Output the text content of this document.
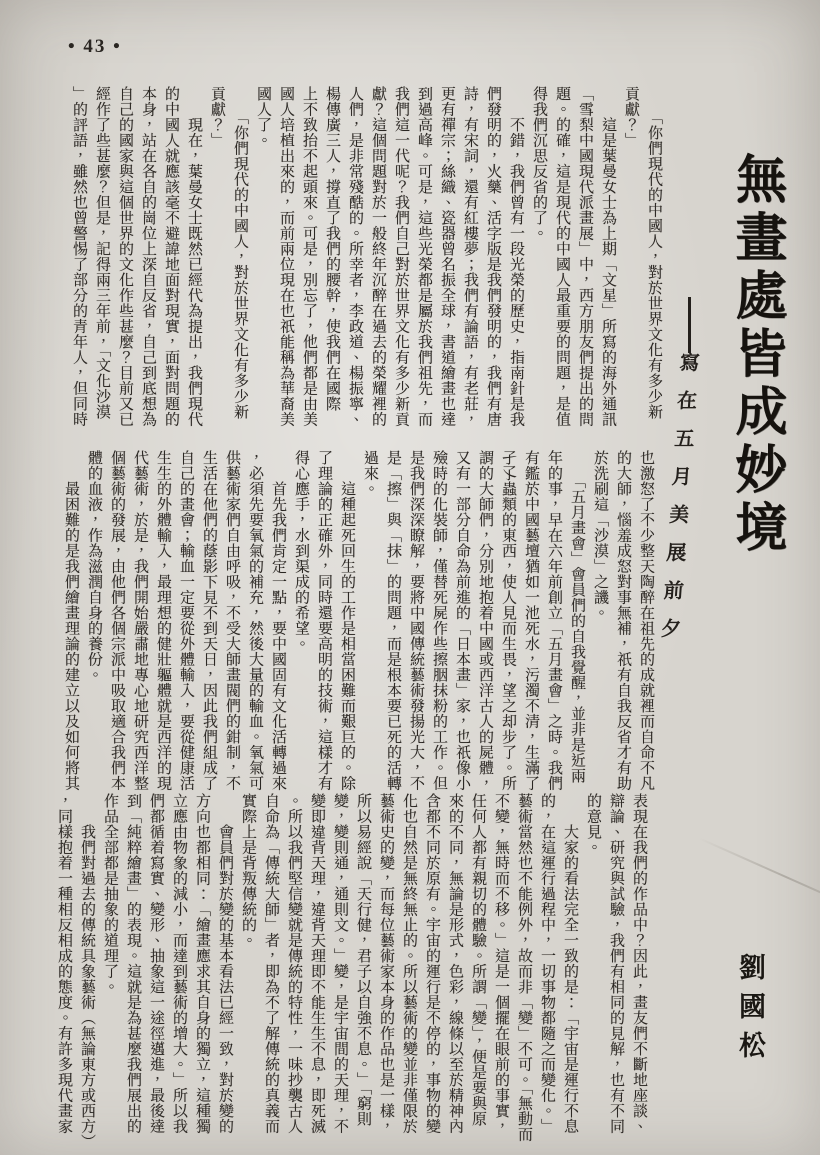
• 43 •
無畫處皆成妙境
寫在五月美展前夕
劉國松
　　「你們現代的中國人，對於世界文化有多少新
貢獻？」
　　這是葉曼女士為上期「文星」所寫的海外通訊
「雪梨中國現代派畫展」中，西方朋友們提出的問
題。的確，這是現代的中國人最重要的問題，是值
得我們沉思反省的了。
　　不錯，我們曾有一段光榮的歷史，指南針是我
們發明的，火藥、活字版是我們發明的，我們有唐
詩，有宋詞，還有紅樓夢；我們有論語，有老莊，
更有禪宗；絲織、瓷器曾名振全球，書道繪畫也達
到過高峰。可是，這些光榮都是屬於我們祖先，而
我們這一代呢？我們自己對於世界文化有多少新貢
獻？這個問題對於一般終年沉醉在過去的榮耀裡的
人們，是非常殘酷的。所幸者，李政道、楊振寧、
楊傳廣三人，撐直了我們的腰幹，使我們在國際
上不致抬不起頭來。可是，別忘了，他們都是由美
國人培植出來的，而前兩位現在也祇能稱為華裔美
國人了。
　　「你們現代的中國人，對於世界文化有多少新
貢獻？」
　　現在，葉曼女士既然已經代為提出，我們現代
的中國人就應該毫不避諱地面對現實，面對問題的
本身，站在各自的崗位上深自反省，自己到底想為
自己的國家與這個世界的文化作些甚麼？目前又已
經作了些甚麼？但是，記得兩三年前，「文化沙漠
」的評語，雖然也曾警惕了部分的青年人，但同時
也激怒了不少整天陶醉在祖先的成就裡而自命不凡
的大師，惱羞成怒對事無補，祇有自我反省才有助
於洗刷這「沙漠」之譏。
　　「五月畫會」會員們的自我覺醒，並非是近兩
年的事，早在六年前創立「五月畫會」之時。我們
有鑑於中國藝壇猶如一池死水，污濁不清，生滿了
孑孓蟲類的東西，使人見而生畏，望之却步了。所
謂的大師們，分別地抱着中國或西洋古人的屍體，
又有一部分自命為前進的「日本畫」家，也祇像小
殮時的化裝師，僅替死屍作些擦胭抹粉的工作。但
是我們深深瞭解，要將中國傳統藝術發揚光大，不
是「擦」與「抹」的問題，而是根本要已死的活轉
過來。
　　這種起死回生的工作是相當困難而艱巨的。除
了理論的正確外，同時還要高明的技術，這樣才有
得心應手，水到渠成的希望。
　　首先我們肯定一點，要中國固有文化活轉過來
，必須先要氧氣的補充，然後大量的輸血。氧氣可
供藝術家們自由呼吸，不受大師畫閥們的鉗制，不
生活在他們的蔭影下見不到天日，因此我們組成了
自己的畫會；輸血一定要從外體輸入，要從健康活
生生的外體輸入，最理想的健壯軀體就是西洋的現
代藝術，於是，我們開始嚴肅地專心地研究西洋整
個藝術的發展，由他們各個宗派中吸取適合我們本
體的血液，作為滋潤自身的養份。
　　最困難的是我們繪畫理論的建立以及如何將其
表現在我們的作品中？因此，畫友們不斷地座談、
辯論、研究與試驗，我們有相同的見解，也有不同
的意見。
　　大家的看法完全一致的是：「宇宙是運行不息
的，在這運行過程中，一切事物都隨之而變化。」
藝術當然也不能例外，故而非「變」不可。「無動而
不變，無時而不移。」這是一個擺在眼前的事實，
任何人都有親切的體驗。所謂「變」，便是要與原
來的不同，無論是形式，色彩，線條以至於精神內
含都不同於原有。宇宙的運行是不停的，事物的變
化也自然是無終無止的。所以藝術的變並非僅限於
藝術史的變，而每位藝術家本身的作品也是一樣，
所以易經說「天行健，君子以自強不息。」「窮則
變，變則通，通則文。」變，是宇宙間的天理，不
變即違背天理，違背天理即不能生生不息，即死滅
。所以我們堅信變就是傳統的特性，一味抄襲古人
自命為「傳統大師」者，即為不了解傳統的真義而
實際上是背叛傳統的。
　　會員們對於變的基本看法已經一致，對於變的
方向也都相同：「繪畫應求其自身的獨立，這種獨
立應由物象的減小，而達到藝術的增大。」所以我
們都循着寫實、變形、抽象這一途徑邁進，最後達
到「純粹繪畫」的表現。這就是為甚麼我們展出的
作品全部都是抽象的道理了。
　　我們對過去的傳統具象藝術（無論東方或西方）
，同樣抱着一種相反相成的態度。有許多現代畫家
